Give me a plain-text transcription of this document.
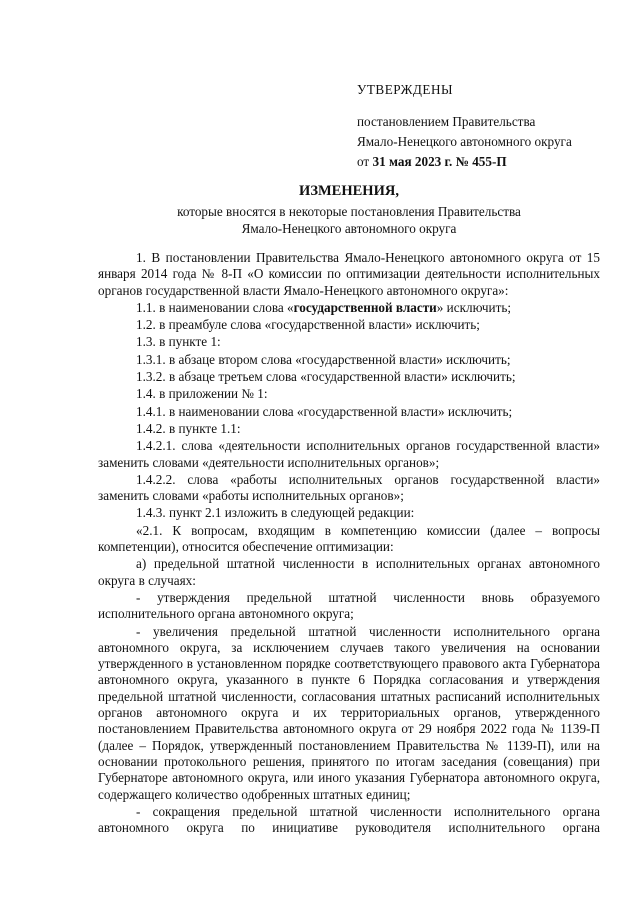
УТВЕРЖДЕНЫ
постановлением Правительства
Ямало-Ненецкого автономного округа
от 31 мая 2023 г. № 455-П
ИЗМЕНЕНИЯ,
которые вносятся в некоторые постановления Правительства
Ямало-Ненецкого автономного округа

1. В постановлении Правительства Ямало-Ненецкого автономного округа от 15 января 2014 года № 8-П «О комиссии по оптимизации деятельности исполнительных органов государственной власти Ямало-Ненецкого автономного округа»:

1.1. в наименовании слова «государственной власти» исключить;

1.2. в преамбуле слова «государственной власти» исключить;

1.3. в пункте 1:

1.3.1. в абзаце втором слова «государственной власти» исключить;

1.3.2. в абзаце третьем слова «государственной власти» исключить;

1.4. в приложении № 1:

1.4.1. в наименовании слова «государственной власти» исключить;

1.4.2. в пункте 1.1:

1.4.2.1. слова «деятельности исполнительных органов государственной власти» заменить словами «деятельности исполнительных органов»;

1.4.2.2. слова «работы исполнительных органов государственной власти» заменить словами «работы исполнительных органов»;

1.4.3. пункт 2.1 изложить в следующей редакции:

«2.1. К вопросам, входящим в компетенцию комиссии (далее – вопросы компетенции), относится обеспечение оптимизации:

а) предельной штатной численности в исполнительных органах автономного округа в случаях:

- утверждения предельной штатной численности вновь образуемого исполнительного органа автономного округа;

- увеличения предельной штатной численности исполнительного органа автономного округа, за исключением случаев такого увеличения на основании утвержденного в установленном порядке соответствующего правового акта Губернатора автономного округа, указанного в пункте 6 Порядка согласования и утверждения предельной штатной численности, согласования штатных расписаний исполнительных органов автономного округа и их территориальных органов, утвержденного постановлением Правительства автономного округа от 29 ноября 2022 года № 1139-П (далее – Порядок, утвержденный постановлением Правительства № 1139-П), или на основании протокольного решения, принятого по итогам заседания (совещания) при Губернаторе автономного округа, или иного указания Губернатора автономного округа, содержащего количество одобренных штатных единиц;

- сокращения предельной штатной численности исполнительного органа автономного округа по инициативе руководителя исполнительного органа
